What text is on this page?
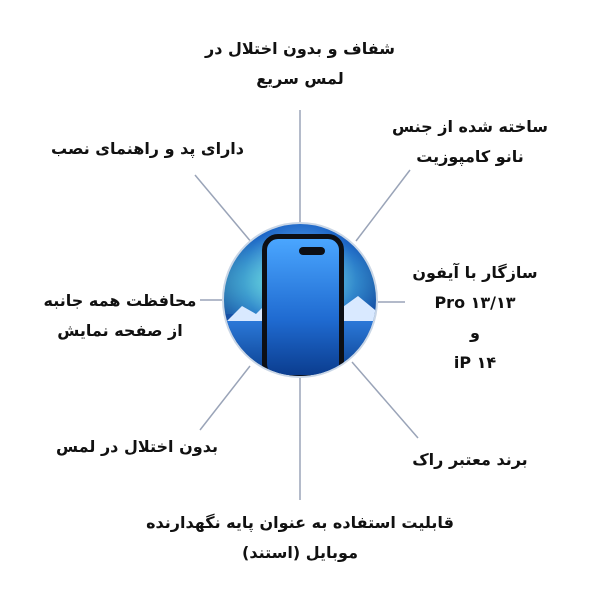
شفاف و بدون اختلال در
لمس سریع
ساخته شده از جنس
نانو کامپوزیت
سازگار با آیفون
۱۳/۱۳ Pro
و
iP ۱۴
برند معتبر راک
قابلیت استفاده به عنوان پایه نگهدارنده
موبایل (استند)
بدون اختلال در لمس
محافظت همه جانبه
از صفحه نمایش
دارای پد و راهنمای نصب
